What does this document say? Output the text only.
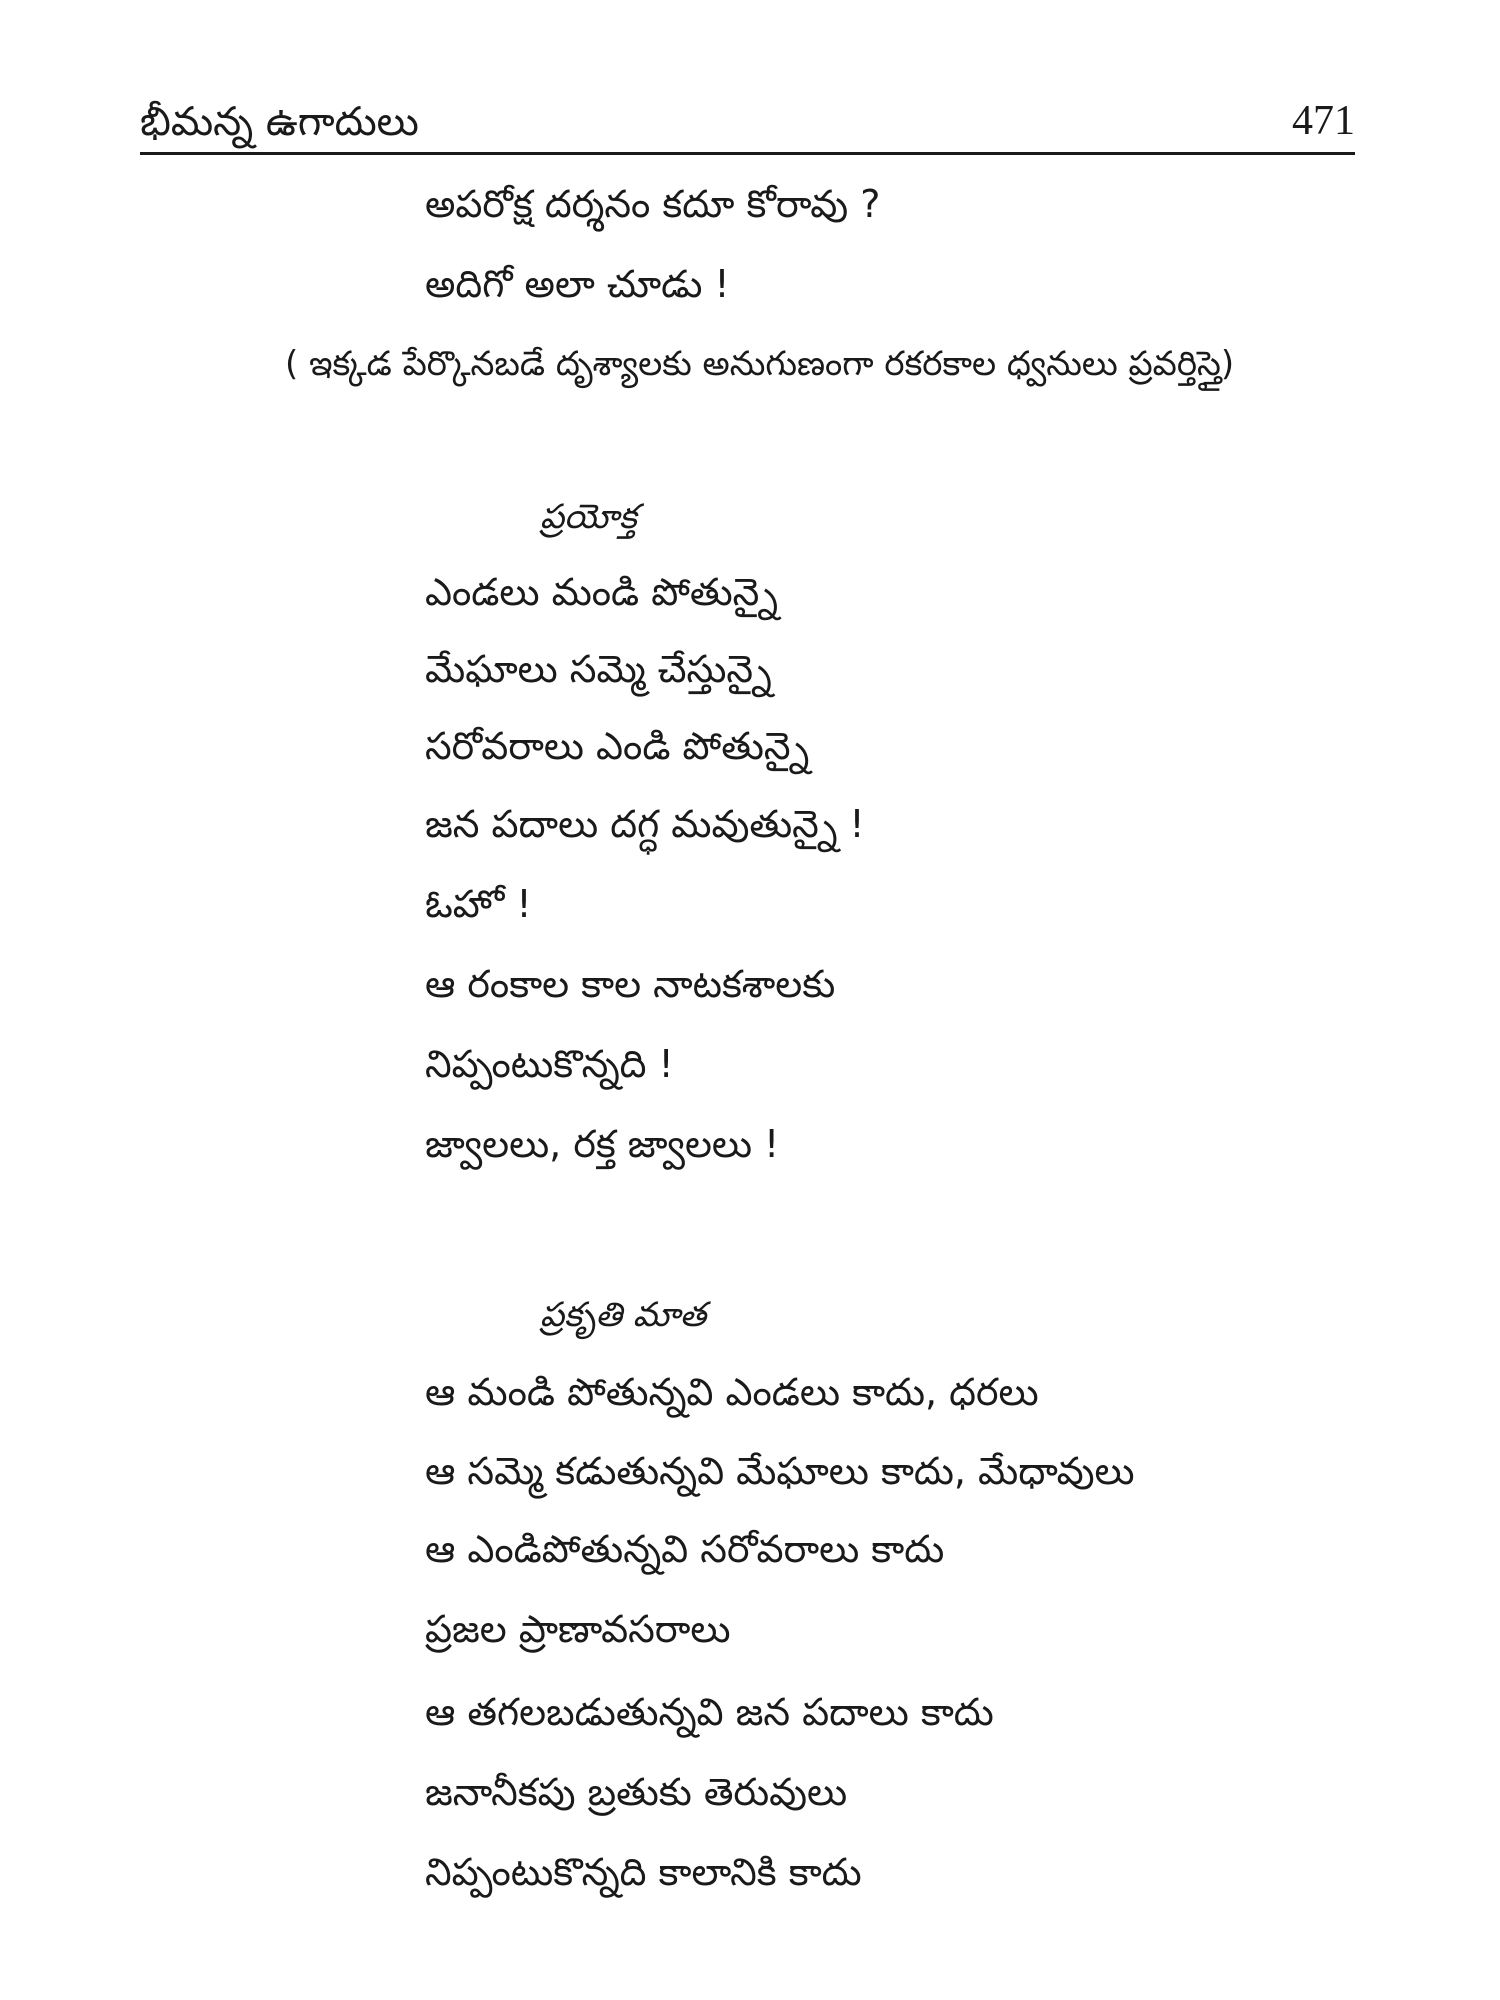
భీమన్న ఉగాదులు	471
అపరోక్ష దర్శనం కదూ కోరావు ?
అదిగో అలా చూడు !
( ఇక్కడ పేర్కొనబడే దృశ్యాలకు అనుగుణంగా రకరకాల ధ్వనులు ప్రవర్తిస్తై)
ప్రయోక్త
ఎండలు మండి పోతున్నై
మేఘాలు సమ్మె చేస్తున్నై
సరోవరాలు ఎండి పోతున్నై
జన పదాలు దగ్ధ మవుతున్నై !
ఓహో !
ఆ రంకాల కాల నాటకశాలకు
నిప్పంటుకొన్నది !
జ్వాలలు, రక్త జ్వాలలు !
ప్రకృతి మాత
ఆ మండి పోతున్నవి ఎండలు కాదు, ధరలు
ఆ సమ్మె కడుతున్నవి మేఘాలు కాదు, మేధావులు
ఆ ఎండిపోతున్నవి సరోవరాలు కాదు
ప్రజల ప్రాణావసరాలు
ఆ తగలబడుతున్నవి జన పదాలు కాదు
జనానీకపు బ్రతుకు తెరువులు
నిప్పంటుకొన్నది కాలానికి కాదు
